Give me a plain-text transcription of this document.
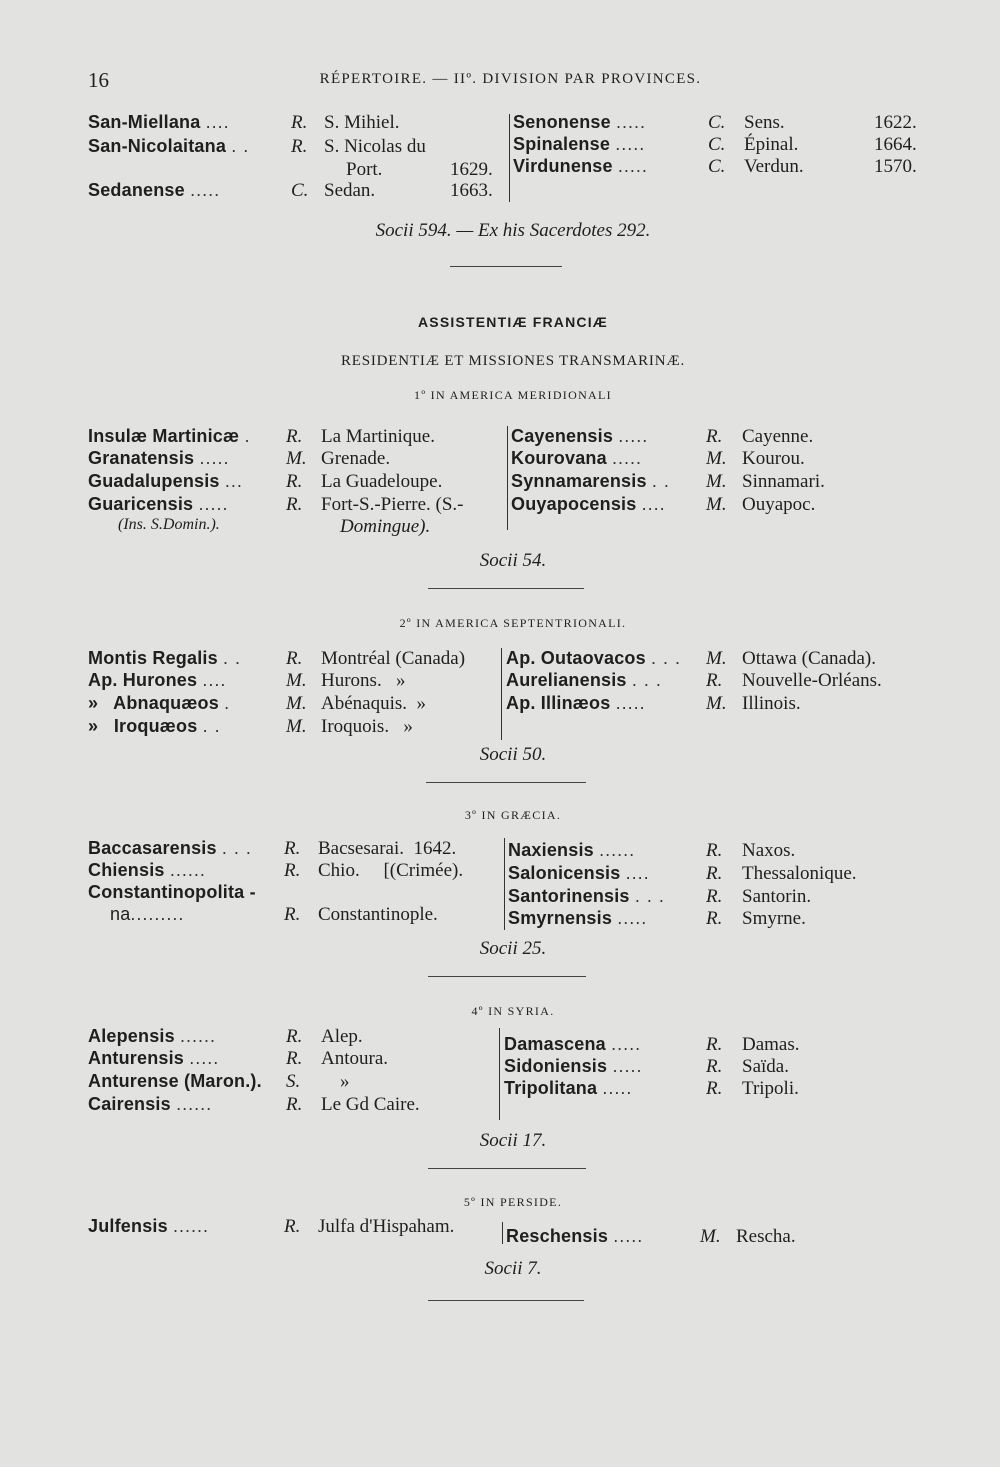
16	RÉPERTOIRE. — IIº. DIVISION PAR PROVINCES.
San-Miellana ....	R. S. Mihiel.
San-Nicolaitana . . R. S. Nicolas du
Port.	1629.
Sedanense .....	C. Sedan.	1663.
Senonense .....	C. Sens.	1622.
Spinalense .....	C. Épinal.	1664.
Virdunense .....	C. Verdun.	1570.
Socii 594. — Ex his Sacerdotes 292.
ASSISTENTIÆ FRANCIÆ
RESIDENTIÆ ET MISSIONES TRANSMARINÆ.
1º IN AMERICA MERIDIONALI
Insulæ Martinicæ . R. La Martinique.
Granatensis .....	M. Grenade.
Guadalupensis ... R. La Guadeloupe.
Guaricensis .....	R. Fort-S.-Pierre. (S.-
(Ins. S.Domin.).	Domingue).
Cayenensis .....	R. Cayenne.
Kourovana .....	M. Kourou.
Synnamarensis . . M. Sinnamari.
Ouyapocensis .... M. Ouyapoc.
Socii 54.
2º IN AMERICA SEPTENTRIONALI.
Montis Regalis . . R. Montréal (Canada)
Ap. Hurones ....	M. Hurons.   »
»   Abnaquæos .	M. Abénaquis.  »
»   Iroquæos . .	M. Iroquois.   »
Ap. Outaovacos . . . M. Ottawa (Canada).
Aurelianensis . . . R. Nouvelle-Orléans.
Ap. Illinæos .....	M. Illinois.
Socii 50.
3º IN GRÆCIA.
Baccasarensis . . . R. Bacsesarai.  1642.
Chiensis ......	R. Chio.     [(Crimée).
Constantinopolita -
na.........	R. Constantinople.
Naxiensis ......	R. Naxos.
Salonicensis ....	R. Thessalonique.
Santorinensis . . . R. Santorin.
Smyrnensis .....	R. Smyrne.
Socii 25.
4º IN SYRIA.
Alepensis ......	R. Alep.
Anturensis .....	R. Antoura.
Anturense (Maron.). S. »
Cairensis ......	R. Le Gd Caire.
Damascena .....	R. Damas.
Sidoniensis .....	R. Saïda.
Tripolitana .....	R. Tripoli.
Socii 17.
5º IN PERSIDE.
Julfensis ......	R. Julfa d'Hispaham.	Reschensis .....	M. Rescha.
Socii 7.
